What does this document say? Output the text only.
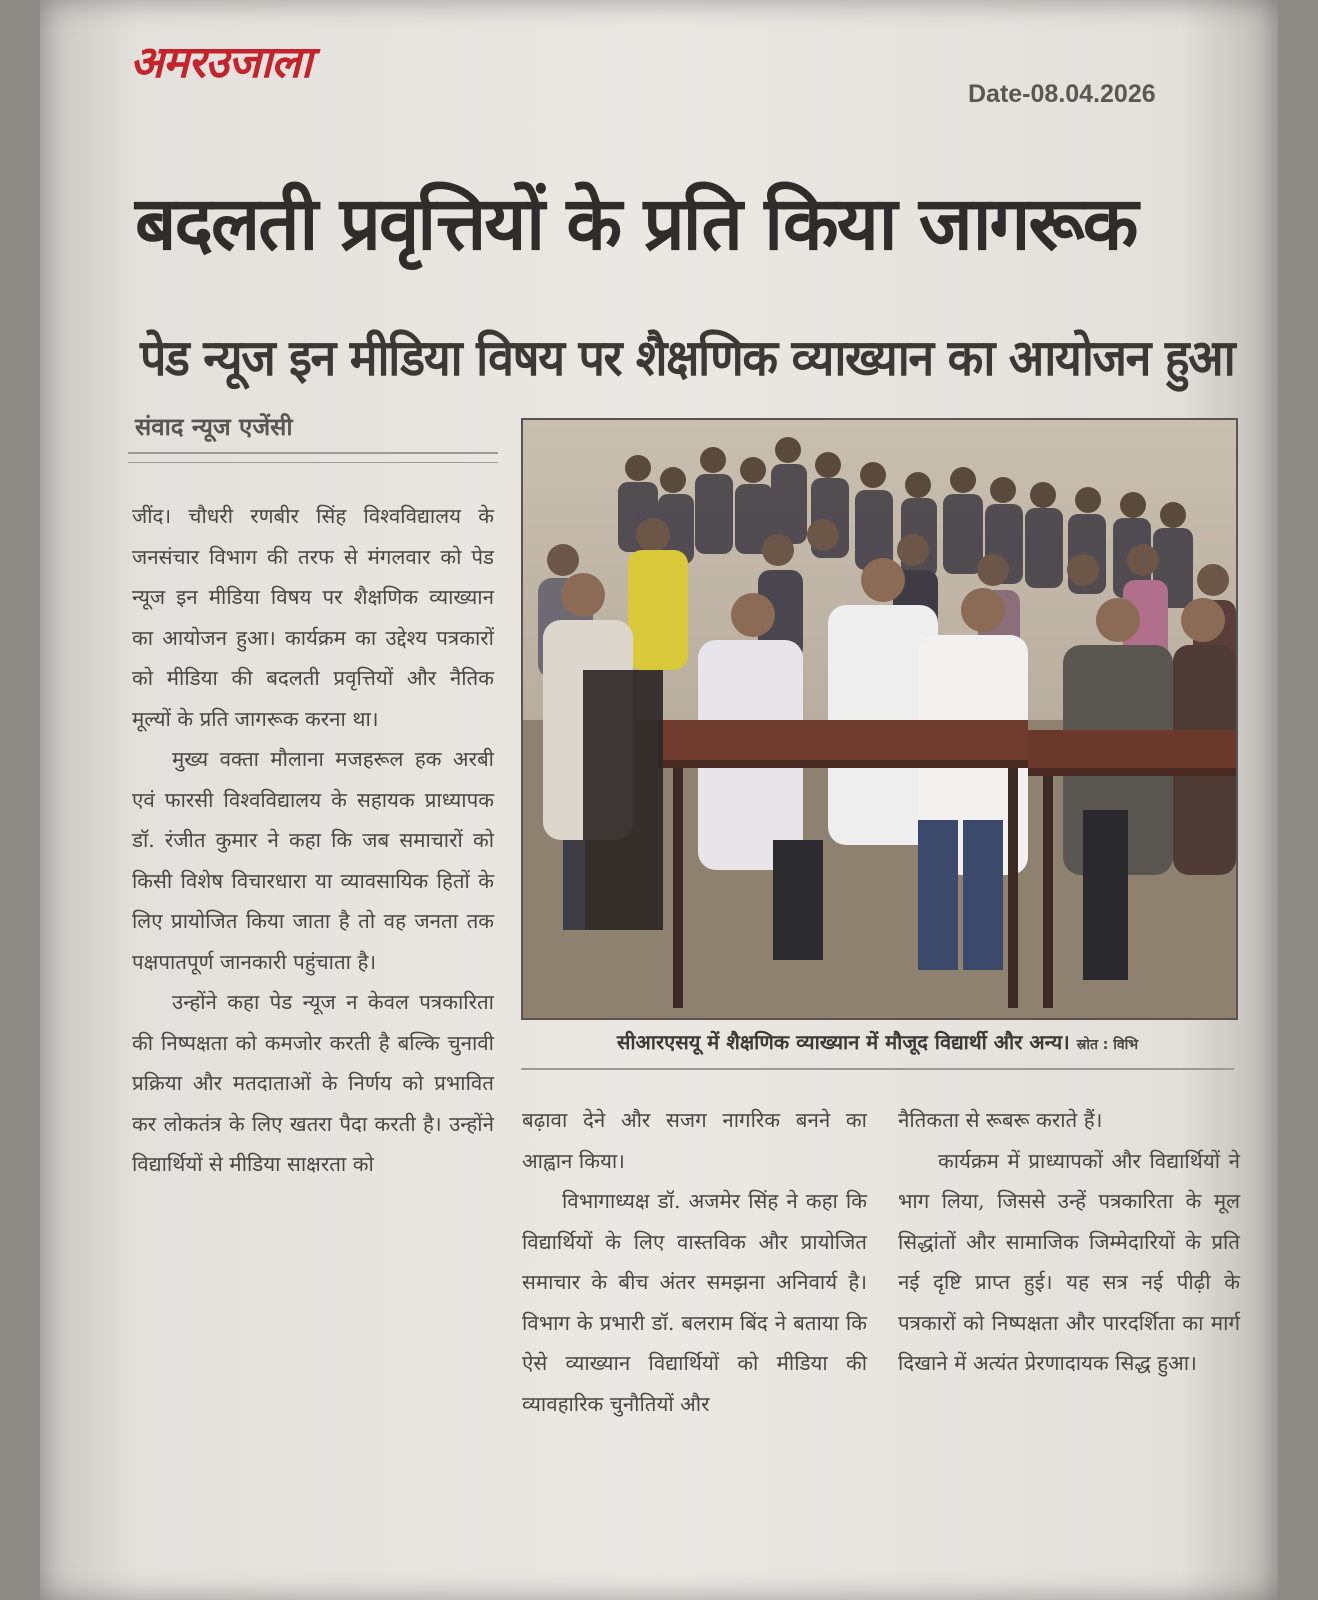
अमरउजाला
Date-08.04.2026
बदलती प्रवृत्तियों के प्रति किया जागरूक
पेड न्यूज इन मीडिया विषय पर शैक्षणिक व्याख्यान का आयोजन हुआ
संवाद न्यूज एजेंसी

जींद। चौधरी रणबीर सिंह विश्वविद्यालय के जनसंचार विभाग की तरफ से मंगलवार को पेड न्यूज इन मीडिया विषय पर शैक्षणिक व्याख्यान का आयोजन हुआ। कार्यक्रम का उद्देश्य पत्रकारों को मीडिया की बदलती प्रवृत्तियों और नैतिक मूल्यों के प्रति जागरूक करना था।

मुख्य वक्ता मौलाना मजहरूल हक अरबी एवं फारसी विश्वविद्यालय के सहायक प्राध्यापक डॉ. रंजीत कुमार ने कहा कि जब समाचारों को किसी विशेष विचारधारा या व्यावसायिक हितों के लिए प्रायोजित किया जाता है तो वह जनता तक पक्षपातपूर्ण जानकारी पहुंचाता है।

उन्होंने कहा पेड न्यूज न केवल पत्रकारिता की निष्पक्षता को कमजोर करती है बल्कि चुनावी प्रक्रिया और मतदाताओं के निर्णय को प्रभावित कर लोकतंत्र के लिए खतरा पैदा करती है। उन्होंने विद्यार्थियों से मीडिया साक्षरता को

सीआरएसयू में शैक्षणिक व्याख्यान में मौजूद विद्यार्थी और अन्य। स्रोत : विभि

बढ़ावा देने और सजग नागरिक बनने का आह्वान किया।

विभागाध्यक्ष डॉ. अजमेर सिंह ने कहा कि विद्यार्थियों के लिए वास्तविक और प्रायोजित समाचार के बीच अंतर समझना अनिवार्य है। विभाग के प्रभारी डॉ. बलराम बिंद ने बताया कि ऐसे व्याख्यान विद्यार्थियों को मीडिया की व्यावहारिक चुनौतियों और

नैतिकता से रूबरू कराते हैं।

कार्यक्रम में प्राध्यापकों और विद्यार्थियों ने भाग लिया, जिससे उन्हें पत्रकारिता के मूल सिद्धांतों और सामाजिक जिम्मेदारियों के प्रति नई दृष्टि प्राप्त हुई। यह सत्र नई पीढ़ी के पत्रकारों को निष्पक्षता और पारदर्शिता का मार्ग दिखाने में अत्यंत प्रेरणादायक सिद्ध हुआ।
